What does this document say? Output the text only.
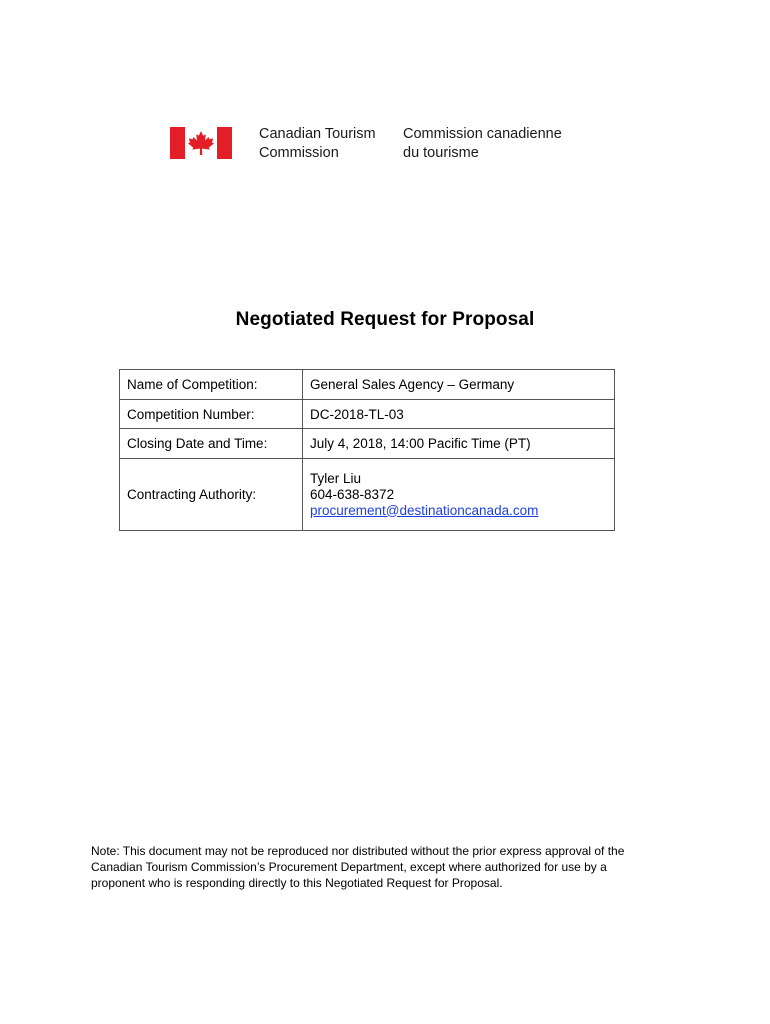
Canadian Tourism
Commission
Commission canadienne
du tourisme
Negotiated Request for Proposal
Name of Competition:	General Sales Agency – Germany
Competition Number:	DC-2018-TL-03
Closing Date and Time:	July 4, 2018, 14:00 Pacific Time (PT)
Contracting Authority:	Tyler Liu
604-638-8372
procurement@destinationcanada.com
Note: This document may not be reproduced nor distributed without the prior express approval of the
Canadian Tourism Commission’s Procurement Department, except where authorized for use by a
proponent who is responding directly to this Negotiated Request for Proposal.
